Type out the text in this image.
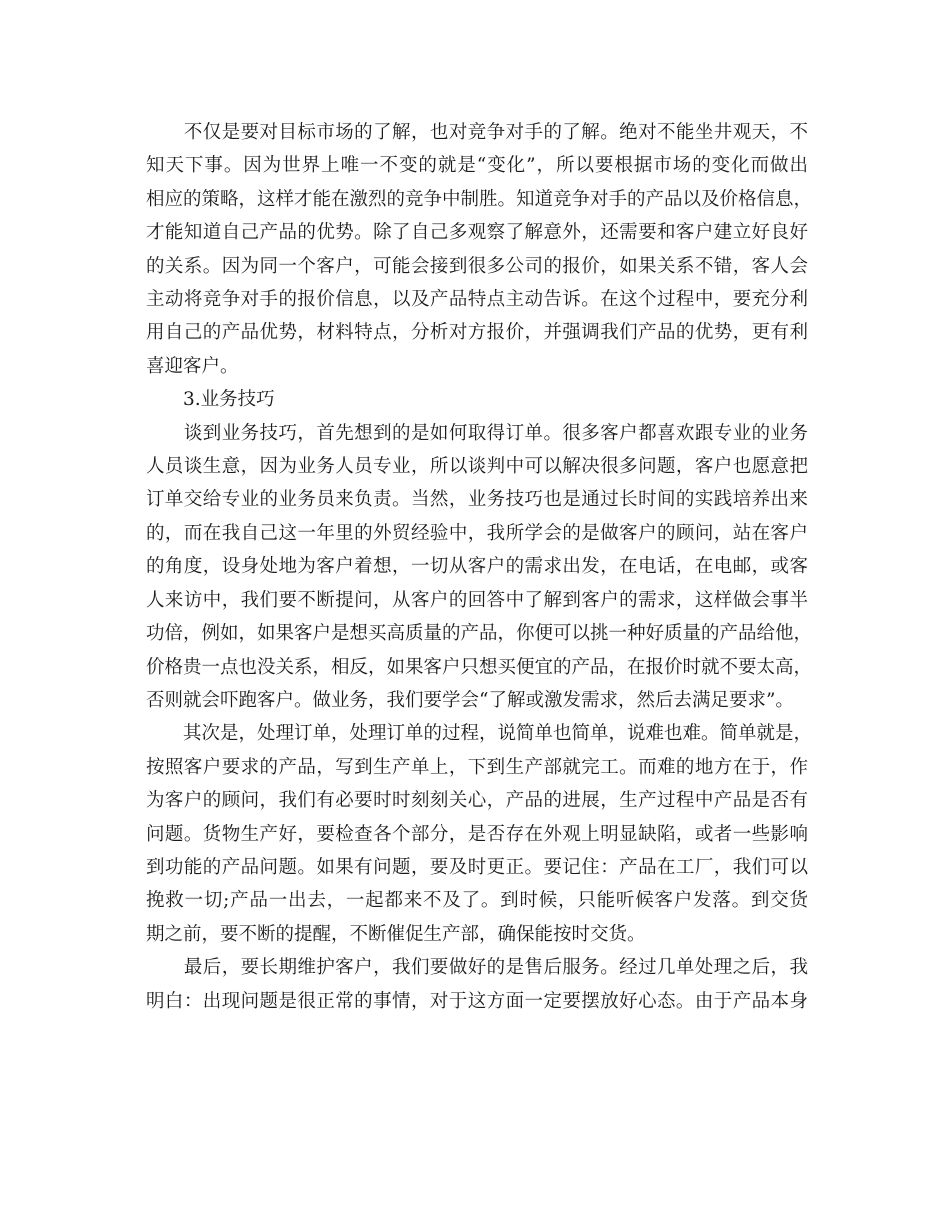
　　不仅是要对目标市场的了解，也对竞争对手的了解。绝对不能坐井观天，不
知天下事。因为世界上唯一不变的就是“变化”，所以要根据市场的变化而做出
相应的策略，这样才能在激烈的竞争中制胜。知道竞争对手的产品以及价格信息，
才能知道自己产品的优势。除了自己多观察了解意外，还需要和客户建立好良好
的关系。因为同一个客户，可能会接到很多公司的报价，如果关系不错，客人会
主动将竞争对手的报价信息，以及产品特点主动告诉。在这个过程中，要充分利
用自己的产品优势，材料特点，分析对方报价，并强调我们产品的优势，更有利
喜迎客户。
　　3.业务技巧
　　谈到业务技巧，首先想到的是如何取得订单。很多客户都喜欢跟专业的业务
人员谈生意，因为业务人员专业，所以谈判中可以解决很多问题，客户也愿意把
订单交给专业的业务员来负责。当然，业务技巧也是通过长时间的实践培养出来
的，而在我自己这一年里的外贸经验中，我所学会的是做客户的顾问，站在客户
的角度，设身处地为客户着想，一切从客户的需求出发，在电话，在电邮，或客
人来访中，我们要不断提问，从客户的回答中了解到客户的需求，这样做会事半
功倍，例如，如果客户是想买高质量的产品，你便可以挑一种好质量的产品给他，
价格贵一点也没关系，相反，如果客户只想买便宜的产品，在报价时就不要太高，
否则就会吓跑客户。做业务，我们要学会“了解或激发需求，然后去满足要求”。
　　其次是，处理订单，处理订单的过程，说简单也简单，说难也难。简单就是，
按照客户要求的产品，写到生产单上，下到生产部就完工。而难的地方在于，作
为客户的顾问，我们有必要时时刻刻关心，产品的进展，生产过程中产品是否有
问题。货物生产好，要检查各个部分，是否存在外观上明显缺陷，或者一些影响
到功能的产品问题。如果有问题，要及时更正。要记住：产品在工厂，我们可以
挽救一切;产品一出去，一起都来不及了。到时候，只能听候客户发落。到交货
期之前，要不断的提醒，不断催促生产部，确保能按时交货。
　　最后，要长期维护客户，我们要做好的是售后服务。经过几单处理之后，我
明白：出现问题是很正常的事情，对于这方面一定要摆放好心态。由于产品本身
